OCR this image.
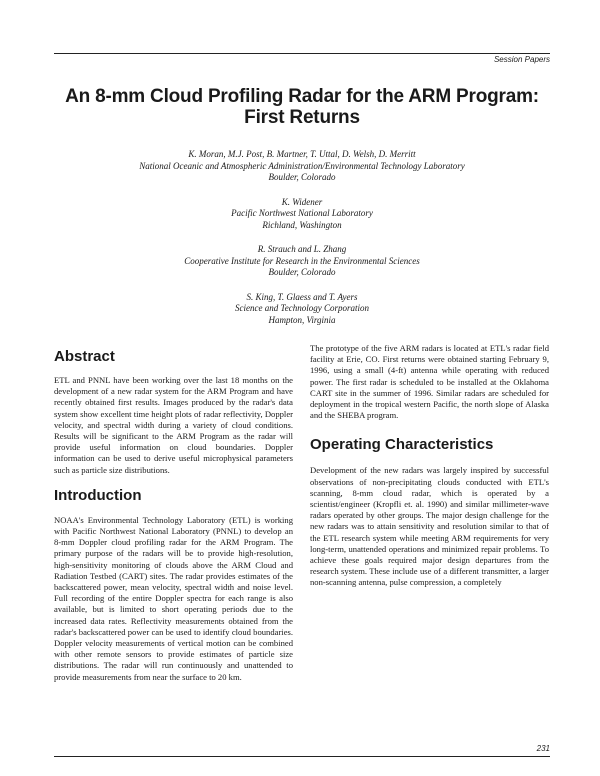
Session Papers
An 8-mm Cloud Profiling Radar for the ARM Program:
First Returns
K. Moran, M.J. Post, B. Martner, T. Uttal, D. Welsh, D. Merritt
National Oceanic and Atmospheric Administration/Environmental Technology Laboratory
Boulder, Colorado
K. Widener
Pacific Northwest National Laboratory
Richland, Washington
R. Strauch and L. Zhang
Cooperative Institute for Research in the Environmental Sciences
Boulder, Colorado
S. King, T. Glaess and T. Ayers
Science and Technology Corporation
Hampton, Virginia
Abstract

ETL and PNNL have been working over the last 18 months on the development of a new radar system for the ARM Program and have recently obtained first results. Images produced by the radar's data system show excellent time height plots of radar reflectivity, Doppler velocity, and spectral width during a variety of cloud conditions. Results will be significant to the ARM Program as the radar will provide useful information on cloud boundaries. Doppler information can be used to derive useful microphysical parameters such as particle size distributions.

Introduction

NOAA's Environmental Technology Laboratory (ETL) is working with Pacific Northwest National Laboratory (PNNL) to develop an 8-mm Doppler cloud profiling radar for the ARM Program. The primary purpose of the radars will be to provide high-resolution, high-sensitivity monitoring of clouds above the ARM Cloud and Radiation Testbed (CART) sites. The radar provides estimates of the backscattered power, mean velocity, spectral width and noise level. Full recording of the entire Doppler spectra for each range is also available, but is limited to short operating periods due to the increased data rates. Reflectivity measurements obtained from the radar's backscattered power can be used to identify cloud boundaries. Doppler velocity measurements of vertical motion can be combined with other remote sensors to provide estimates of particle size distributions. The radar will run continuously and unattended to provide measurements from near the surface to 20 km.

The prototype of the five ARM radars is located at ETL's radar field facility at Erie, CO. First returns were obtained starting February 9, 1996, using a small (4-ft) antenna while operating with reduced power. The first radar is scheduled to be installed at the Oklahoma CART site in the summer of 1996. Similar radars are scheduled for deployment in the tropical western Pacific, the north slope of Alaska and the SHEBA program.

Operating Characteristics

Development of the new radars was largely inspired by successful observations of non-precipitating clouds conducted with ETL's scanning, 8-mm cloud radar, which is operated by a scientist/engineer (Kropfli et. al. 1990) and similar millimeter-wave radars operated by other groups. The major design challenge for the new radars was to attain sensitivity and resolution similar to that of the ETL research system while meeting ARM requirements for very long-term, unattended operations and minimized repair problems. To achieve these goals required major design departures from the research system. These include use of a different transmitter, a larger non-scanning antenna, pulse compression, a completely

231
